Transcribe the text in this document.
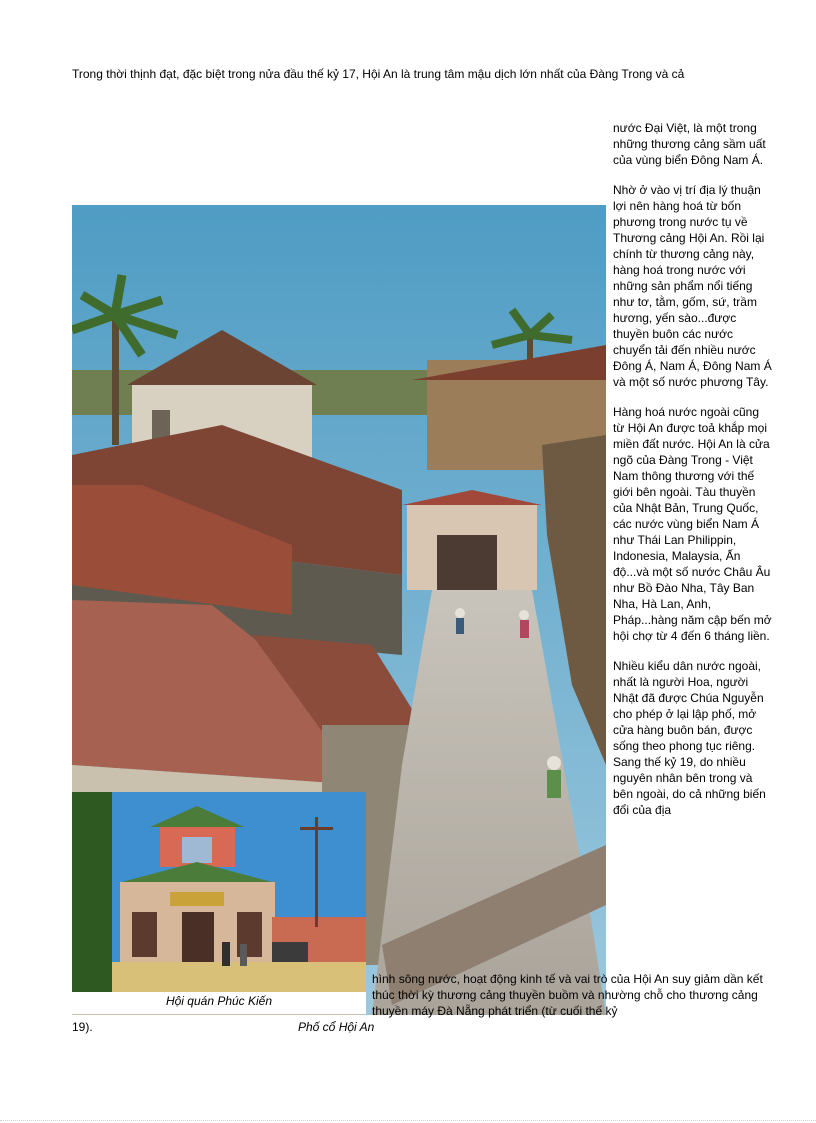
Trong thời thịnh đạt, đặc biệt trong nửa đầu thế kỷ 17, Hội An là trung tâm mậu dịch lớn nhất của Đàng Trong và cả

nước Đại Việt, là một trong những thương cảng sầm uất của vùng biển Đông Nam Á.

Nhờ ở vào vị trí địa lý thuận lợi nên hàng hoá từ bốn phương trong nước tụ về Thương cảng Hội An. Rồi lại chính từ thương cảng này, hàng hoá trong nước với những sản phẩm nổi tiếng như tơ, tằm, gốm, sứ, trầm hương, yến sào...được thuyền buôn các nước chuyển tải đến nhiều nước Đông Á, Nam Á, Đông Nam Á và một số nước phương Tây.

Hàng hoá nước ngoài cũng từ Hội An được toả khắp mọi miền đất nước. Hội An là cửa ngõ của Đàng Trong - Việt Nam thông thương với thế giới bên ngoài. Tàu thuyền của Nhật Bản, Trung Quốc, các nước vùng biển Nam Á như Thái Lan Philippin, Indonesia, Malaysia, Ấn độ...và một số nước Châu Âu như Bồ Đào Nha, Tây Ban Nha, Hà Lan, Anh, Pháp...hàng năm cập bến mở hội chợ từ 4 đến 6 tháng liền.

Nhiều kiểu dân nước ngoài, nhất là người Hoa, người Nhật đã được Chúa Nguyễn cho phép ở lại lập phố, mở cửa hàng buôn bán, được sống theo phong tục riêng. Sang thế kỷ 19, do nhiều nguyên nhân bên trong và bên ngoài, do cả những biến đổi của địa

Hội quán Phúc Kiến
hình sông nước, hoạt động kinh tế và vai trò của Hội An suy giảm dần kết thúc thời kỳ thương cảng thuyền buồm và nhường chỗ cho thương cảng thuyền máy Đà Nẵng phát triển (từ cuối thế kỷ
19).	Phố cổ Hội An
